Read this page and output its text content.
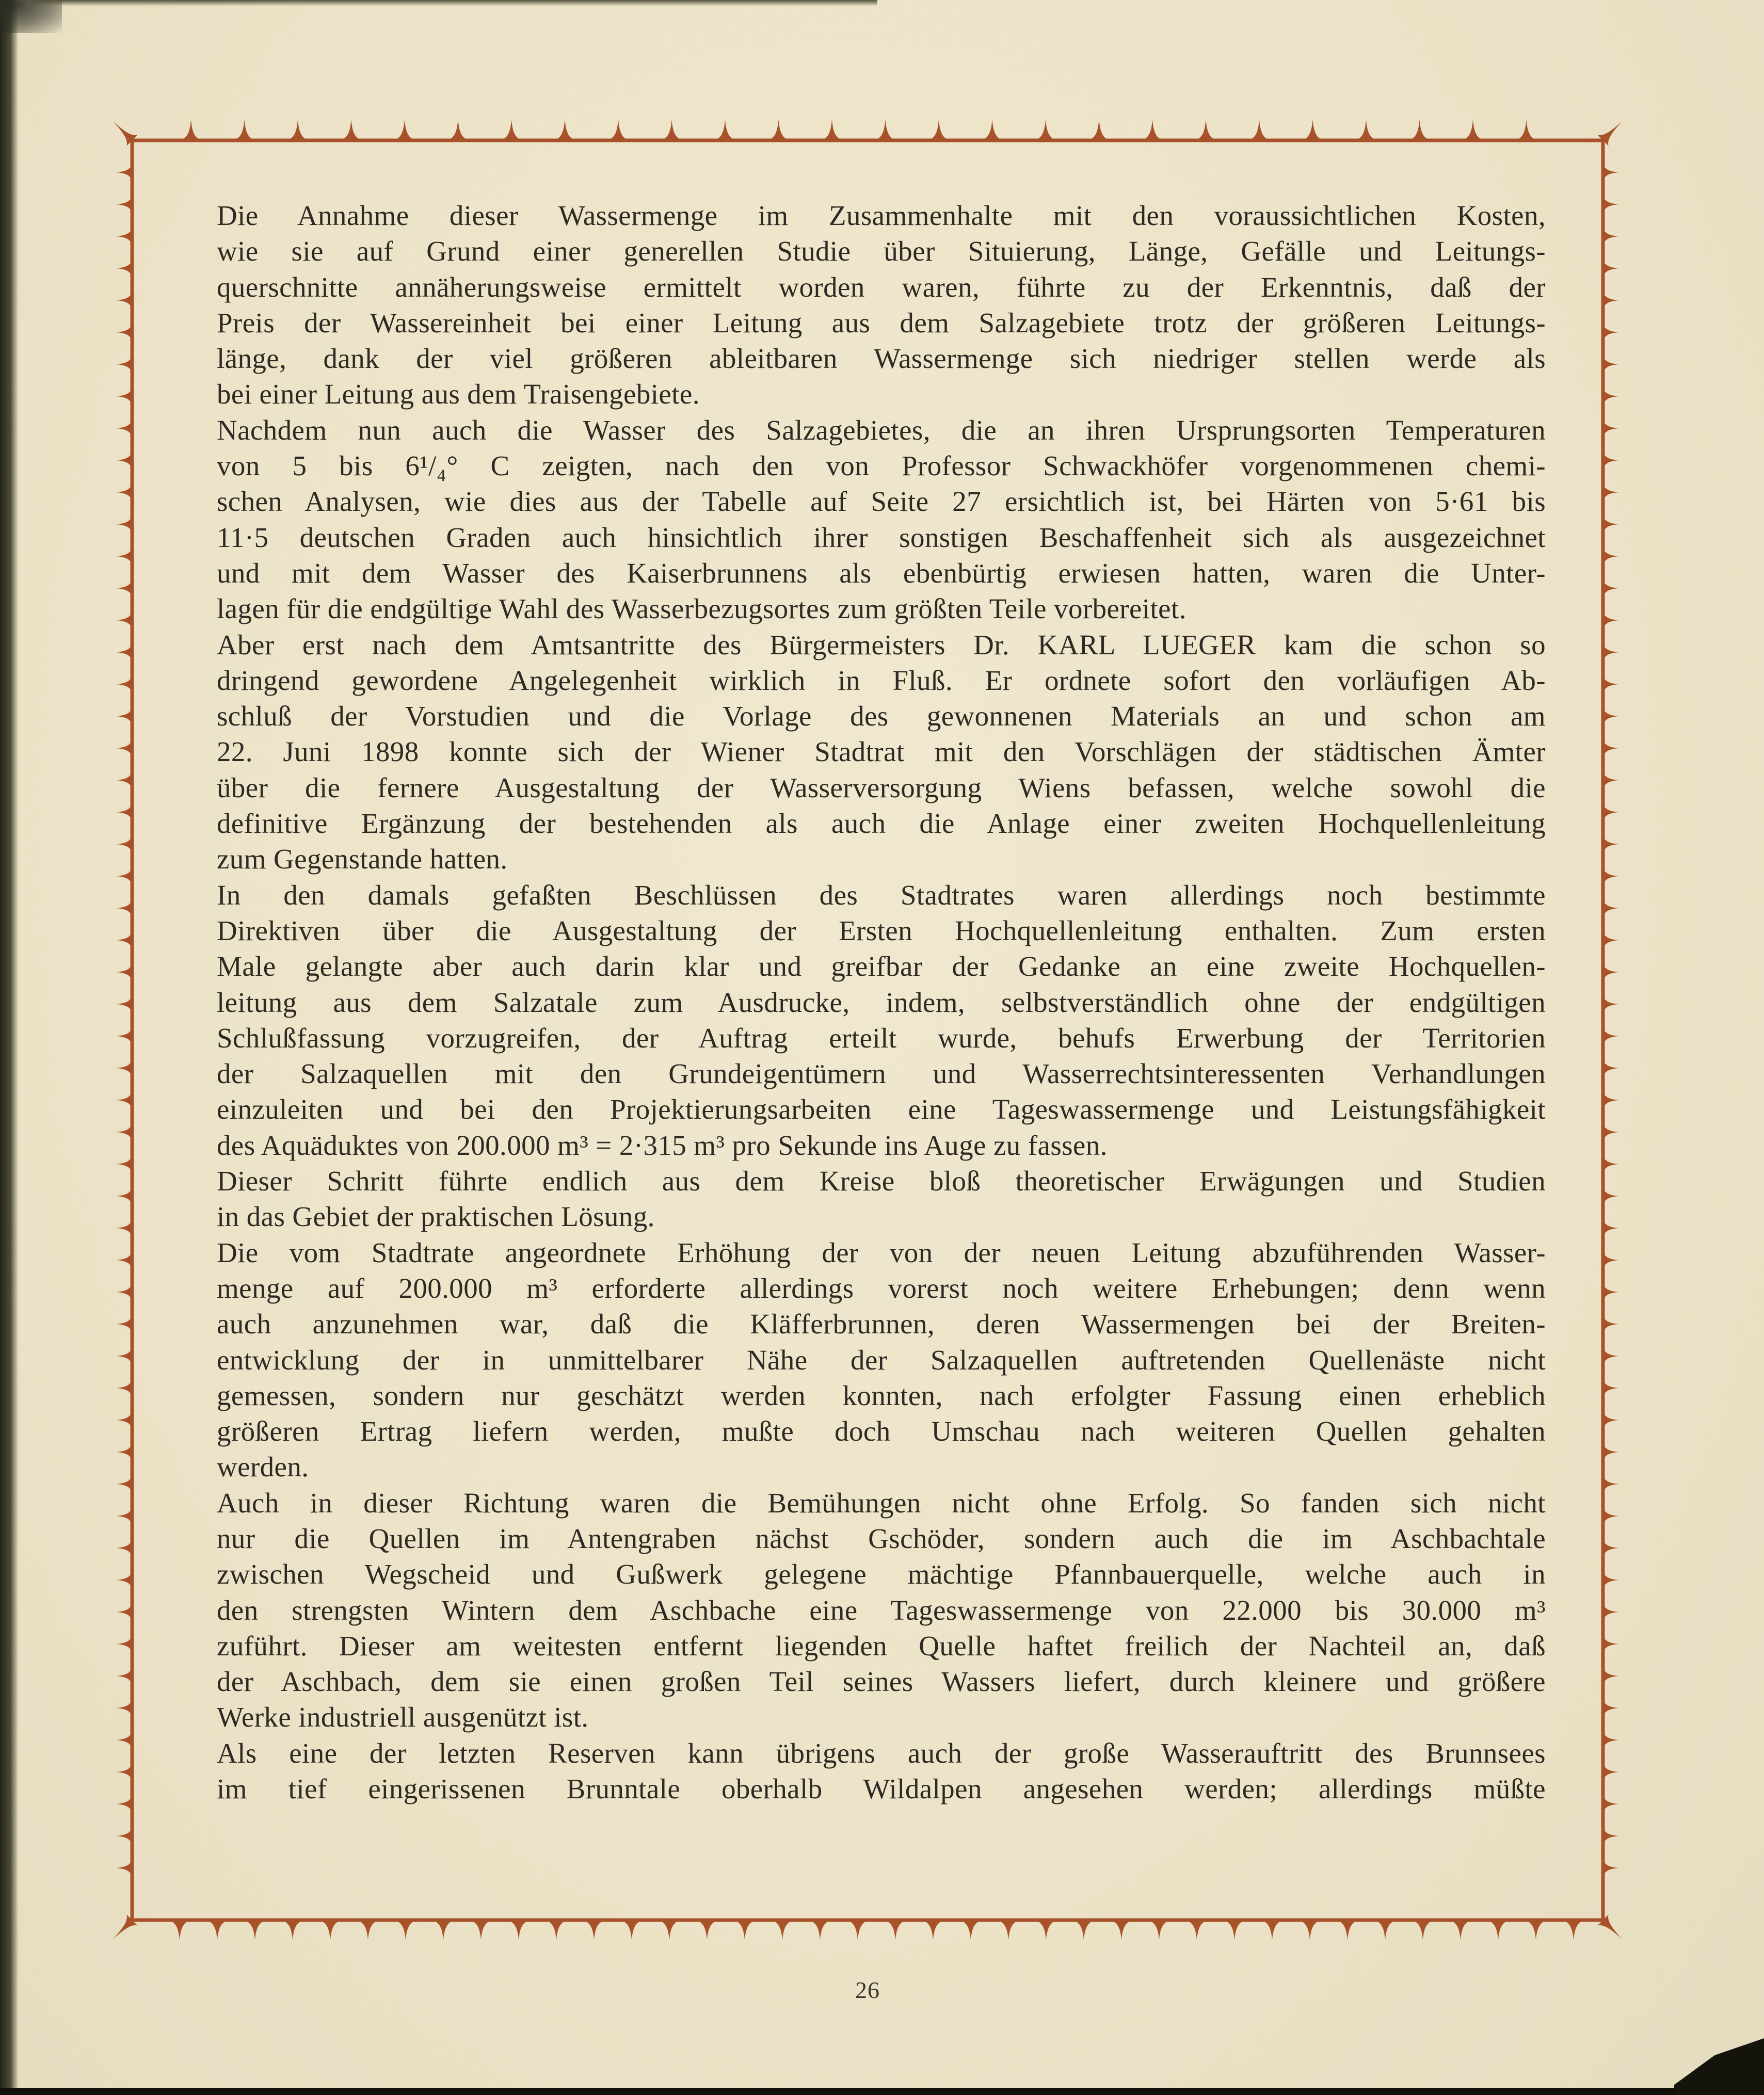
Die Annahme dieser Wassermenge im Zusammenhalte mit den voraussichtlichen Kosten,
wie sie auf Grund einer generellen Studie über Situierung, Länge, Gefälle und Leitungs-
querschnitte annäherungsweise ermittelt worden waren, führte zu der Erkenntnis, daß der
Preis der Wassereinheit bei einer Leitung aus dem Salzagebiete trotz der größeren Leitungs-
länge, dank der viel größeren ableitbaren Wassermenge sich niedriger stellen werde als
bei einer Leitung aus dem Traisengebiete.
Nachdem nun auch die Wasser des Salzagebietes, die an ihren Ursprungsorten Temperaturen
von 5 bis 6¹/₄° C zeigten, nach den von Professor Schwackhöfer vorgenommenen chemi-
schen Analysen, wie dies aus der Tabelle auf Seite 27 ersichtlich ist, bei Härten von 5·61 bis
11·5 deutschen Graden auch hinsichtlich ihrer sonstigen Beschaffenheit sich als ausgezeichnet
und mit dem Wasser des Kaiserbrunnens als ebenbürtig erwiesen hatten, waren die Unter-
lagen für die endgültige Wahl des Wasserbezugsortes zum größten Teile vorbereitet.
Aber erst nach dem Amtsantritte des Bürgermeisters Dr. KARL LUEGER kam die schon so
dringend gewordene Angelegenheit wirklich in Fluß. Er ordnete sofort den vorläufigen Ab-
schluß der Vorstudien und die Vorlage des gewonnenen Materials an und schon am
22. Juni 1898 konnte sich der Wiener Stadtrat mit den Vorschlägen der städtischen Ämter
über die fernere Ausgestaltung der Wasserversorgung Wiens befassen, welche sowohl die
definitive Ergänzung der bestehenden als auch die Anlage einer zweiten Hochquellenleitung
zum Gegenstande hatten.
In den damals gefaßten Beschlüssen des Stadtrates waren allerdings noch bestimmte
Direktiven über die Ausgestaltung der Ersten Hochquellenleitung enthalten. Zum ersten
Male gelangte aber auch darin klar und greifbar der Gedanke an eine zweite Hochquellen-
leitung aus dem Salzatale zum Ausdrucke, indem, selbstverständlich ohne der endgültigen
Schlußfassung vorzugreifen, der Auftrag erteilt wurde, behufs Erwerbung der Territorien
der Salzaquellen mit den Grundeigentümern und Wasserrechtsinteressenten Verhandlungen
einzuleiten und bei den Projektierungsarbeiten eine Tageswassermenge und Leistungsfähigkeit
des Aquäduktes von 200.000 m³ = 2·315 m³ pro Sekunde ins Auge zu fassen.
Dieser Schritt führte endlich aus dem Kreise bloß theoretischer Erwägungen und Studien
in das Gebiet der praktischen Lösung.
Die vom Stadtrate angeordnete Erhöhung der von der neuen Leitung abzuführenden Wasser-
menge auf 200.000 m³ erforderte allerdings vorerst noch weitere Erhebungen; denn wenn
auch anzunehmen war, daß die Kläfferbrunnen, deren Wassermengen bei der Breiten-
entwicklung der in unmittelbarer Nähe der Salzaquellen auftretenden Quellenäste nicht
gemessen, sondern nur geschätzt werden konnten, nach erfolgter Fassung einen erheblich
größeren Ertrag liefern werden, mußte doch Umschau nach weiteren Quellen gehalten
werden.
Auch in dieser Richtung waren die Bemühungen nicht ohne Erfolg. So fanden sich nicht
nur die Quellen im Antengraben nächst Gschöder, sondern auch die im Aschbachtale
zwischen Wegscheid und Gußwerk gelegene mächtige Pfannbauerquelle, welche auch in
den strengsten Wintern dem Aschbache eine Tageswassermenge von 22.000 bis 30.000 m³
zuführt. Dieser am weitesten entfernt liegenden Quelle haftet freilich der Nachteil an, daß
der Aschbach, dem sie einen großen Teil seines Wassers liefert, durch kleinere und größere
Werke industriell ausgenützt ist.
Als eine der letzten Reserven kann übrigens auch der große Wasserauftritt des Brunnsees
im tief eingerissenen Brunntale oberhalb Wildalpen angesehen werden; allerdings müßte
26
